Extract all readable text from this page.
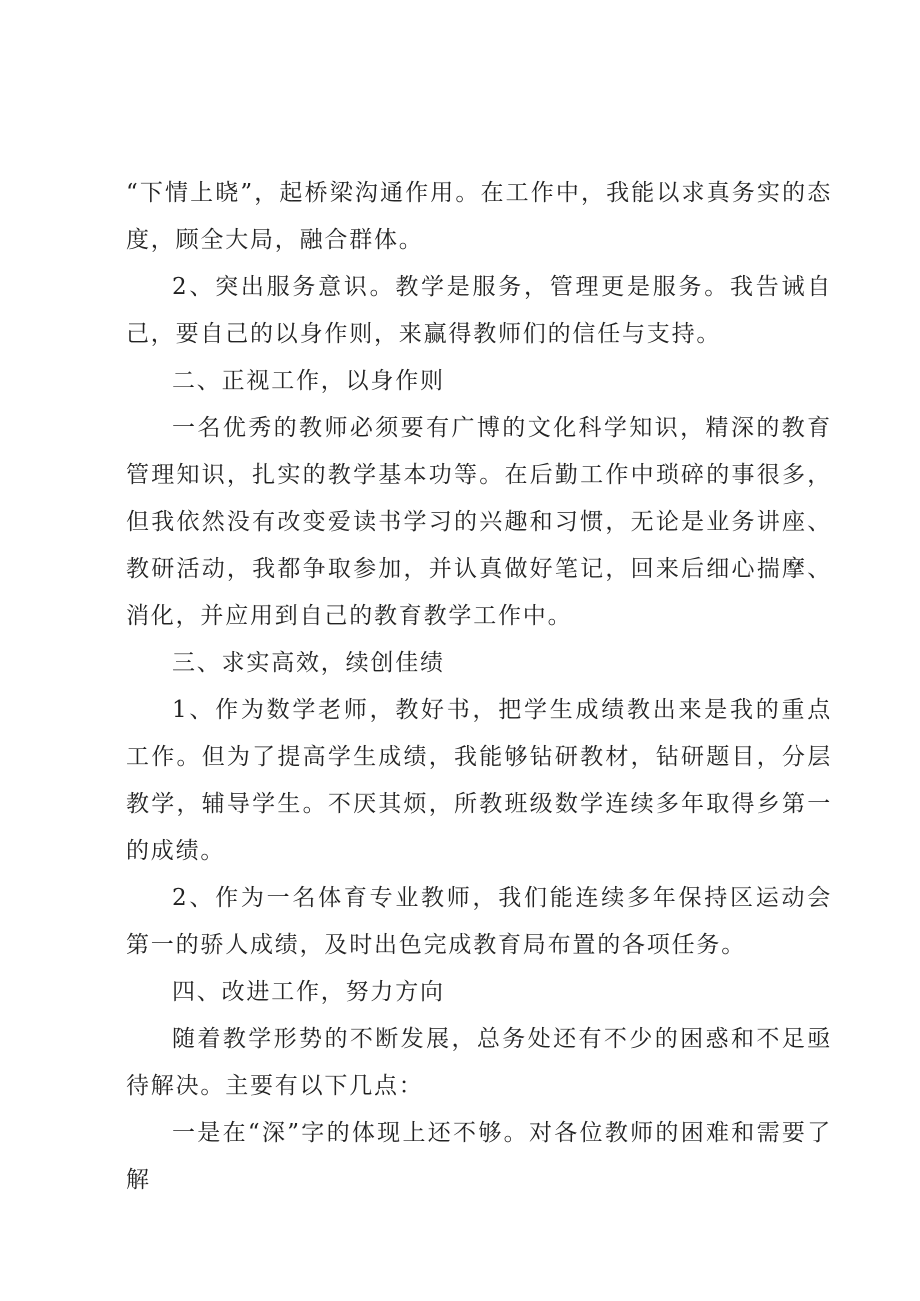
“下情上晓”，起桥梁沟通作用。在工作中，我能以求真务实的态度，顾全大局，融合群体。

2、突出服务意识。教学是服务，管理更是服务。我告诫自己，要自己的以身作则，来赢得教师们的信任与支持。

二、正视工作，以身作则

一名优秀的教师必须要有广博的文化科学知识，精深的教育管理知识，扎实的教学基本功等。在后勤工作中琐碎的事很多，但我依然没有改变爱读书学习的兴趣和习惯，无论是业务讲座、教研活动，我都争取参加，并认真做好笔记，回来后细心揣摩、消化，并应用到自己的教育教学工作中。

三、求实高效，续创佳绩

1、作为数学老师，教好书，把学生成绩教出来是我的重点工作。但为了提高学生成绩，我能够钻研教材，钻研题目，分层教学，辅导学生。不厌其烦，所教班级数学连续多年取得乡第一的成绩。

2、作为一名体育专业教师，我们能连续多年保持区运动会第一的骄人成绩，及时出色完成教育局布置的各项任务。

四、改进工作，努力方向

随着教学形势的不断发展，总务处还有不少的困惑和不足亟待解决。主要有以下几点：

一是在“深”字的体现上还不够。对各位教师的困难和需要了解
